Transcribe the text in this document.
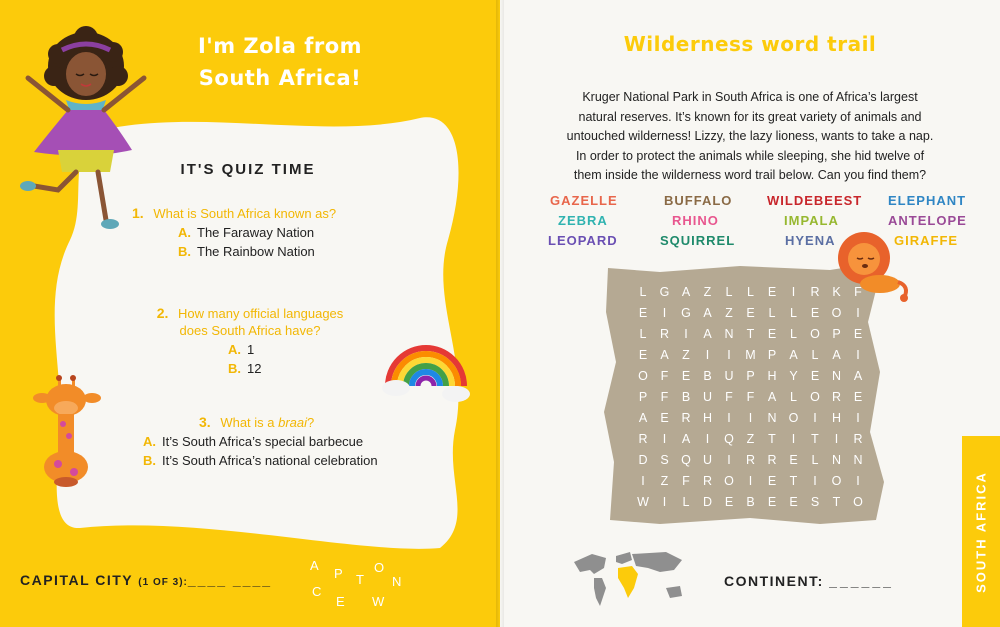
I'm Zola from
South Africa!
IT'S QUIZ TIME
1. What is South Africa known as?
A. The Faraway Nation
B. The Rainbow Nation
2. How many official languages
does South Africa have?
A. 1
B. 12
3. What is a braai?
A. It’s South Africa’s special barbecue
B. It’s South Africa’s national celebration
CAPITAL CITY (1 OF 3):____ ____
A
P T
O
N
C
E W
Wilderness word trail
Kruger National Park in South Africa is one of Africa’s largest
natural reserves. It’s known for its great variety of animals and
untouched wilderness! Lizzy, the lazy lioness, wants to take a nap.
In order to protect the animals while sleeping, she hid twelve of
them inside the wilderness word trail below. Can you find them?
GAZELLE	BUFFALO	WILDEBEEST ELEPHANT
ZEBRA	RHINO	IMPALA	ANTELOPE
LEOPARD	SQUIRREL	HYENA	GIRAFFE
L	G A	Z	L	L	E	I	R	K	F
E	I	G A	Z	E	L	L	E O	I
L	R	I	A	N	T	E	L	O P	E
E	A	Z	I	I	M P	A	L	A	I
O	F	E	B	U	P	H	Y	E	N	A
P	F	B	U	F	F	A	L	O R	E
A	E	R H	I	I	N O	I	H	I
R	I	A	I	Q	Z	T	I	T	I	R
D	S Q U	I	R R	E	L	N N
I	Z	F	R O	I	E	T	I	O	I
W	I	L	D	E	B	E	E	S	T	O
CONTINENT: ______	SOUTH AFRICA
